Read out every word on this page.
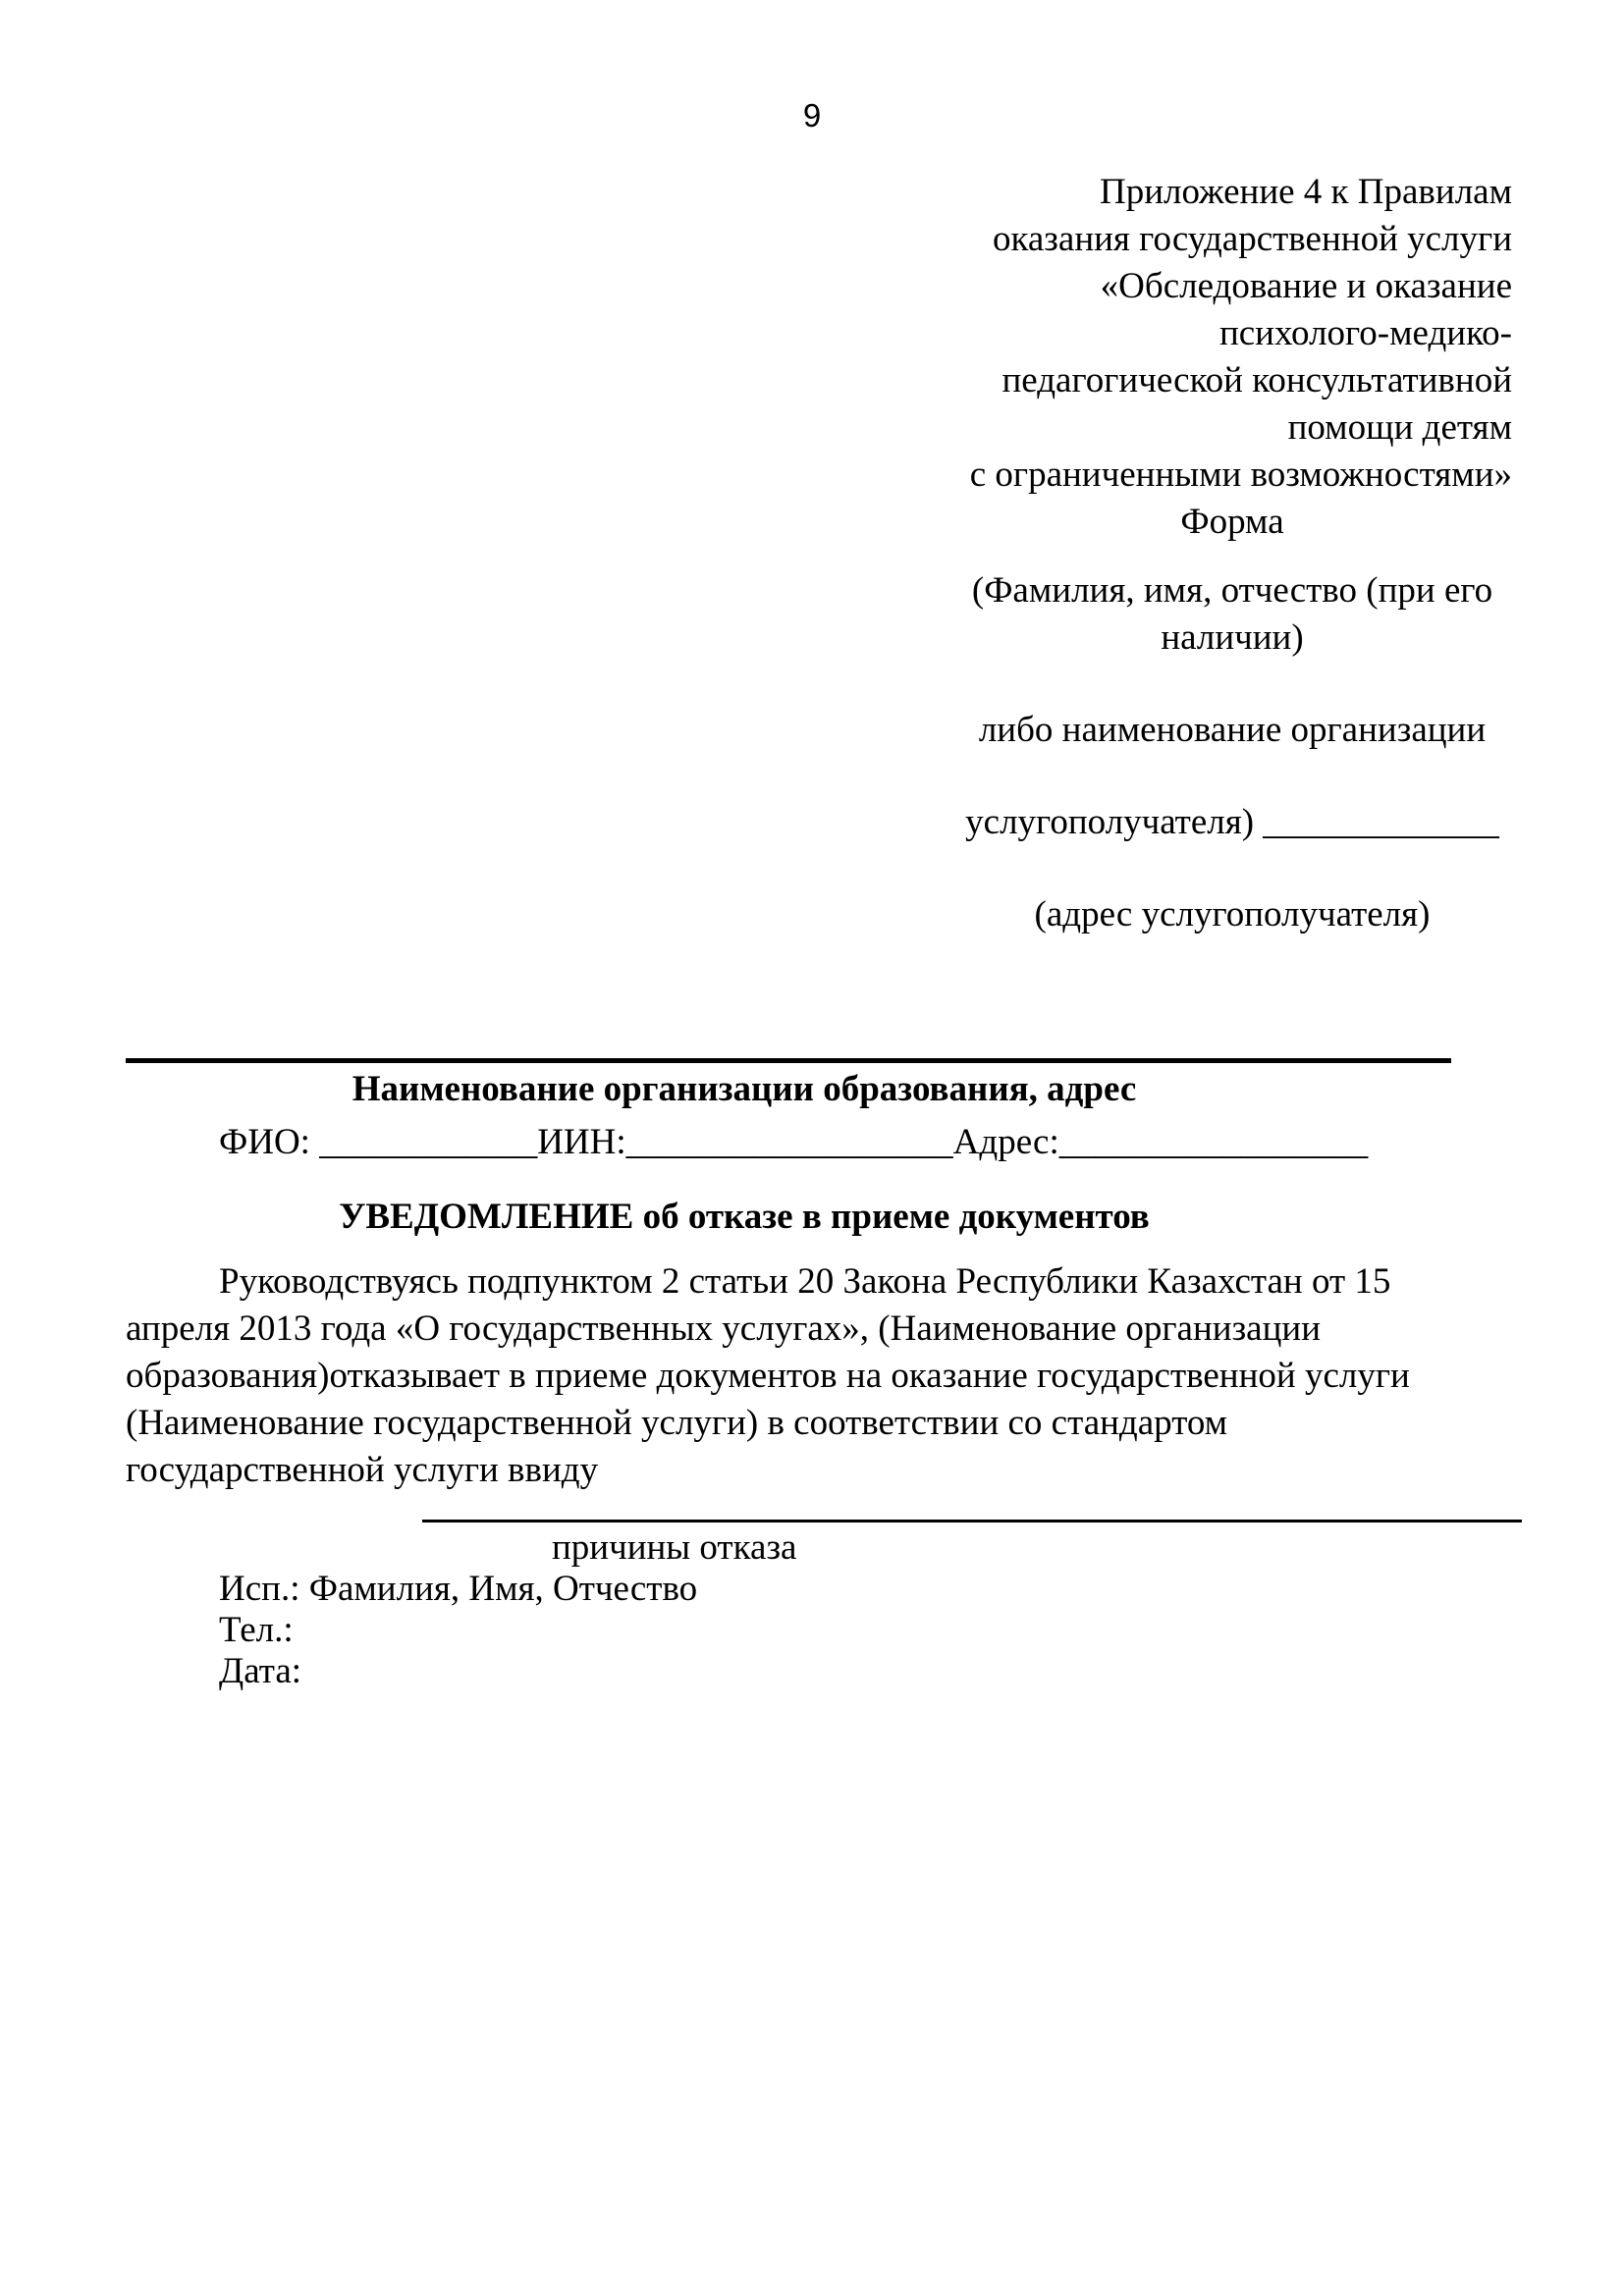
9
Приложение 4 к Правилам
оказания государственной услуги
«Обследование и оказание
психолого-медико-
педагогической консультативной
помощи детям
с ограниченными возможностями»
Форма
(Фамилия, имя, отчество (при его
наличии)
либо наименование организации
услугополучателя) _____________
(адрес услугополучателя)
Наименование организации образования, адрес
ФИО: ____________ИИН:__________________Адрес:_________________
УВЕДОМЛЕНИЕ об отказе в приеме документов
Руководствуясь подпунктом 2 статьи 20 Закона Республики Казахстан от 15
апреля 2013 года «О государственных услугах», (Наименование организации
образования)отказывает в приеме документов на оказание государственной услуги
(Наименование государственной услуги) в соответствии со стандартом
государственной услуги ввиду
причины отказа
Исп.: Фамилия, Имя, Отчество
Тел.:
Дата:
